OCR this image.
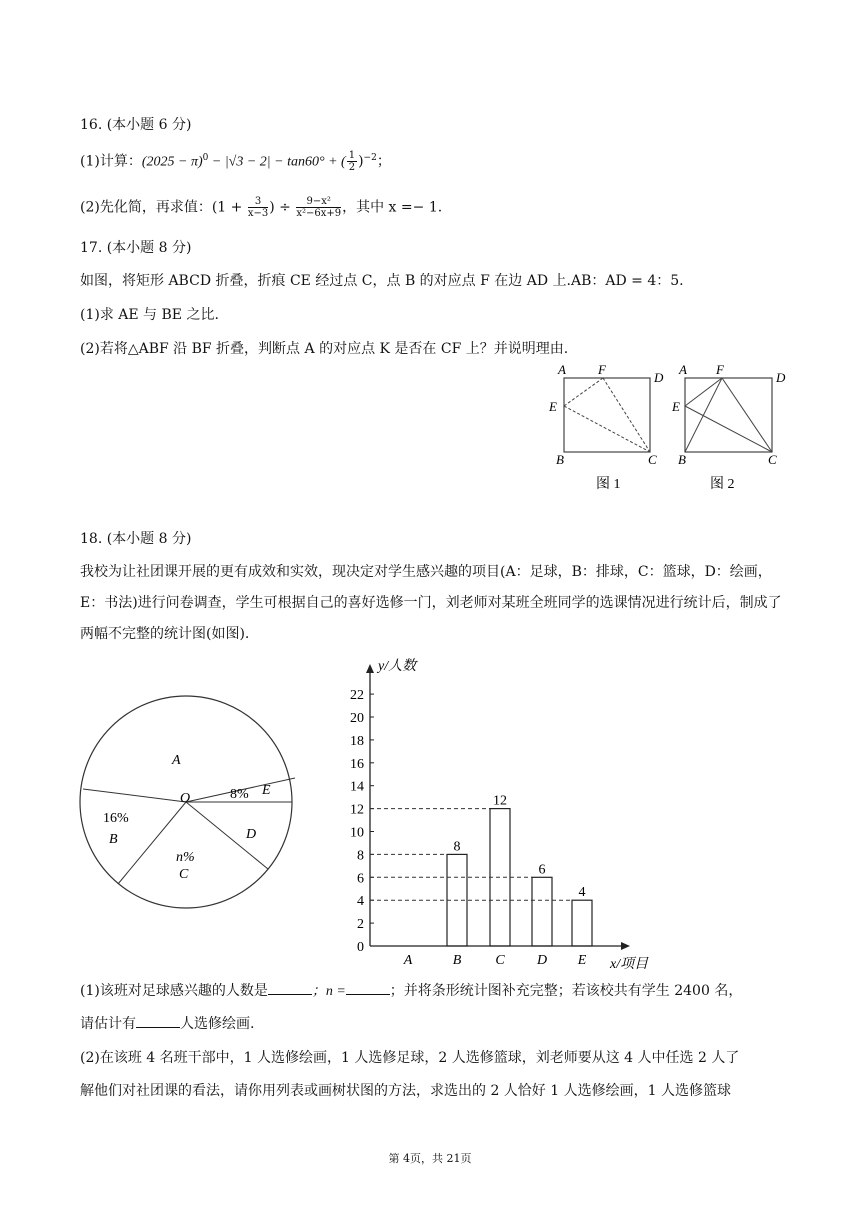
16. (本小题 6 分)
(1)计算：$(2025 - \pi)^0 - |√3 - 2| - \tan 60^\circ$ + ( $\frac{1}{2} )^{-2}$；
(2)先化简，再求值：($1 + \frac{3}{x-3}$ ) ÷ $\frac{\text{9−x²}}{\text{x²−6x+9}}$ ，其中 x =− 1.
17. (本小题 8 分)
如图，将矩形 ABCD 折叠，折痕 CE 经过点 C，点 B 的对应点 F 在边 AD 上.AB：AD = 4：5.
(1)求 AE 与 BE 之比.
(2)若将△ABF 沿 BF 折叠，判断点 A 的对应点 K 是否在 CF 上？并说明理由.
A F
D
E
B	C
图 1
A F
D
E
B	C
图 2
18. (本小题 8 分)
我校为让社团课开展的更有成效和实效，现决定对学生感兴趣的项目(A：足球，B：排球，C：篮球，D：绘画，E：书法)进行问卷调查，学生可根据自己的喜好选修一门，刘老师对某班全班同学的选课情况进行统计后，制成了两幅不完整的统计图(如图).
A
O	8% E
16%
B
n%
C
D
0
2
4
6
8
10
12
14
16
18
20
22
A	B
8
C
12
D
6
E
4
y/人数
x/项目
(1)该班对足球感兴趣的人数是	；n =	；并将条形统计图补充完整；若该校共有学生 2400 名，
请估计有	人选修绘画.
(2)在该班 4 名班干部中，1 人选修绘画，1 人选修足球，2 人选修篮球，刘老师要从这 4 人中任选 2 人了
解他们对社团课的看法，请你用列表或画树状图的方法，求选出的 2 人恰好 1 人选修绘画，1 人选修篮球
第 4页，共 21页
